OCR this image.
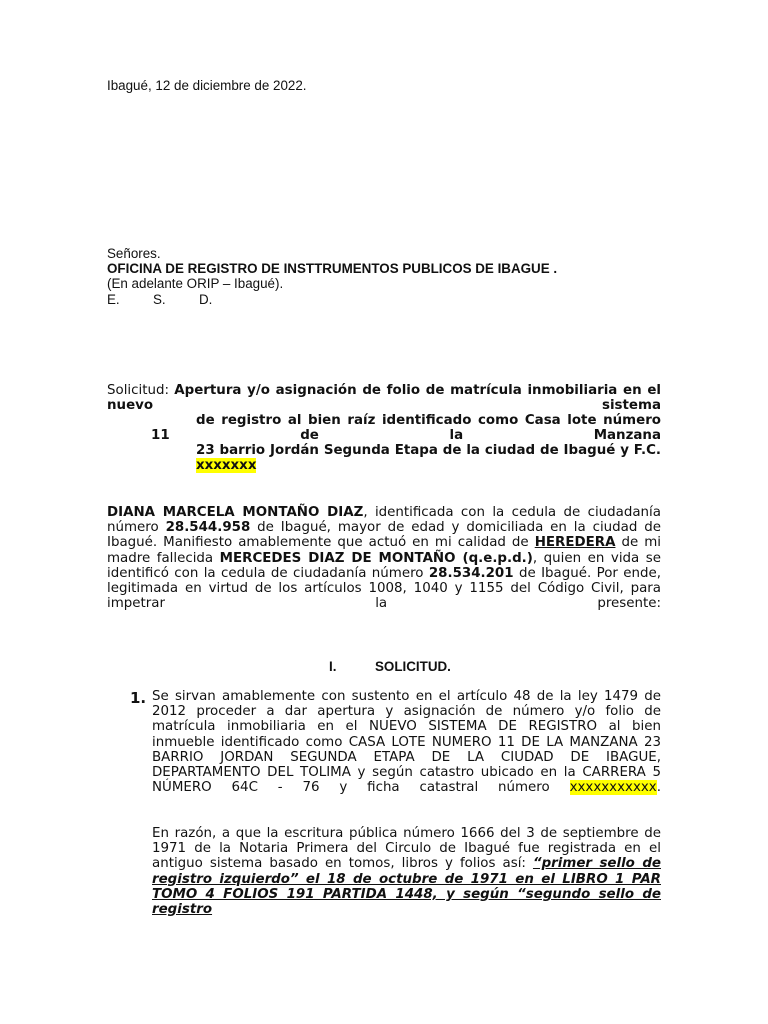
Ibagué, 12 de diciembre de 2022.
Señores.
OFICINA DE REGISTRO DE INSTTRUMENTOS PUBLICOS DE IBAGUE .
(En adelante ORIP – Ibagué).
E. S. D.

Solicitud: Apertura y/o asignación de folio de matrícula inmobiliaria en el nuevo sistema

de registro al bien raíz identificado como Casa lote número 11 de la Manzana

23 barrio Jordán Segunda Etapa de la ciudad de Ibagué y F.C. xxxxxxx

DIANA MARCELA MONTAÑO DIAZ, identificada con la cedula de ciudadanía número 28.544.958 de Ibagué, mayor de edad y domiciliada en la ciudad de Ibagué. Manifiesto amablemente que actuó en mi calidad de HEREDERA de mi madre fallecida MERCEDES DIAZ DE MONTAÑO (q.e.p.d.), quien en vida se identificó con la cedula de ciudadanía número 28.534.201 de Ibagué. Por ende, legitimada en virtud de los artículos 1008, 1040 y 1155 del Código Civil, para impetrar la presente:
I.	SOLICITUD.
1. Se sirvan amablemente con sustento en el artículo 48 de la ley 1479 de 2012 proceder a dar apertura y asignación de número y/o folio de matrícula inmobiliaria en el NUEVO SISTEMA DE REGISTRO al bien inmueble identificado como CASA LOTE NUMERO 11 DE LA MANZANA 23 BARRIO JORDAN SEGUNDA ETAPA DE LA CIUDAD DE IBAGUE, DEPARTAMENTO DEL TOLIMA y según catastro ubicado en la CARRERA 5 NÚMERO 64C - 76 y ficha catastral número xxxxxxxxxxx.
En razón, a que la escritura pública número 1666 del 3 de septiembre de 1971 de la Notaria Primera del Circulo de Ibagué fue registrada en el antiguo sistema basado en tomos, libros y folios así: “primer sello de registro izquierdo” el 18 de octubre de 1971 en el LIBRO 1 PAR TOMO 4 FOLIOS 191 PARTIDA 1448, y según “segundo sello de registro
